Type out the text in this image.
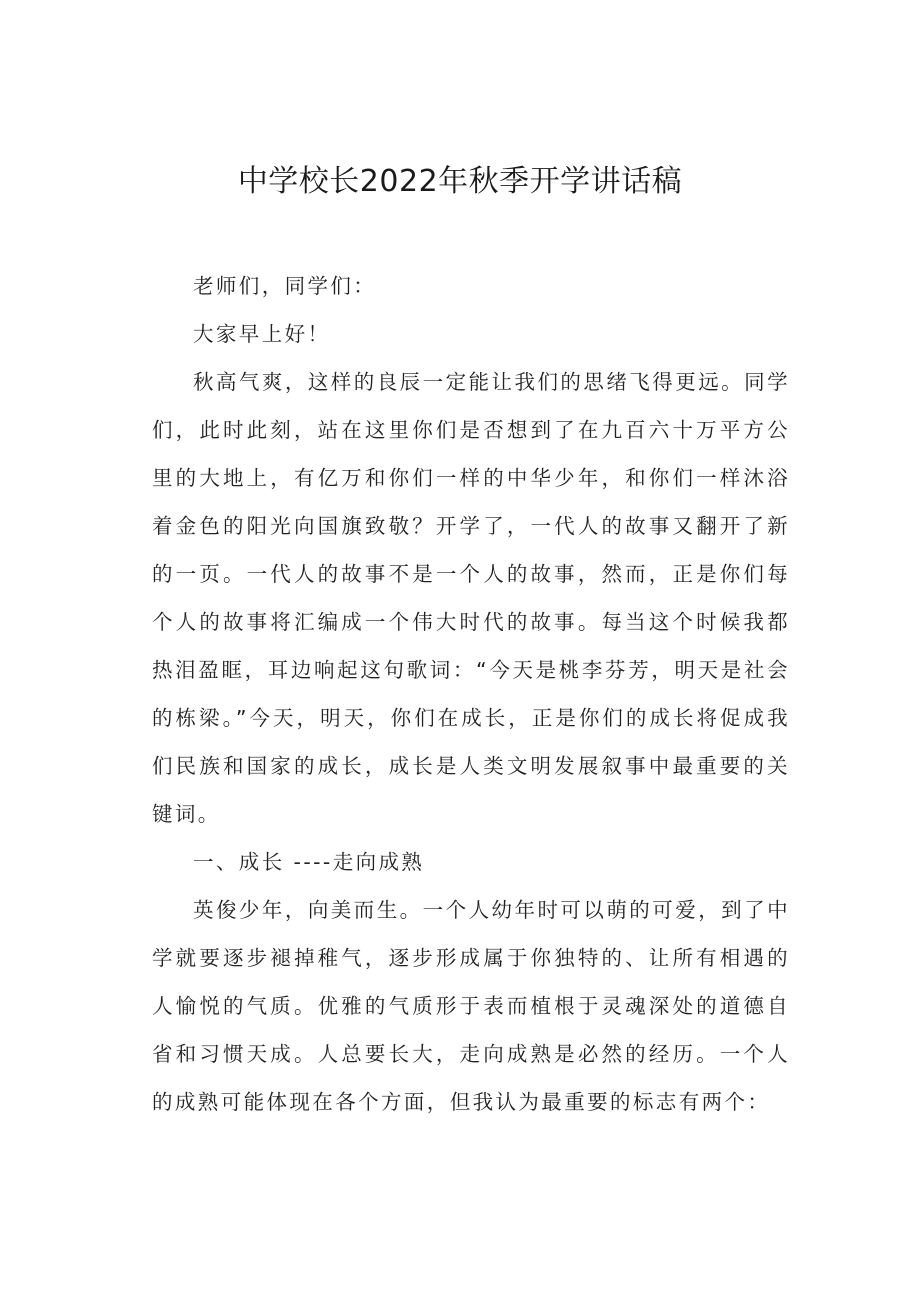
中学校长2022年秋季开学讲话稿

老师们，同学们：

大家早上好！

秋高气爽，这样的良辰一定能让我们的思绪飞得更远。同学们，此时此刻，站在这里你们是否想到了在九百六十万平方公里的大地上，有亿万和你们一样的中华少年，和你们一样沐浴着金色的阳光向国旗致敬？开学了，一代人的故事又翻开了新的一页。一代人的故事不是一个人的故事，然而，正是你们每个人的故事将汇编成一个伟大时代的故事。每当这个时候我都热泪盈眶，耳边响起这句歌词：“今天是桃李芬芳，明天是社会的栋梁。”今天，明天，你们在成长，正是你们的成长将促成我们民族和国家的成长，成长是人类文明发展叙事中最重要的关键词。

一、成长 ----走向成熟

英俊少年，向美而生。一个人幼年时可以萌的可爱，到了中学就要逐步褪掉稚气，逐步形成属于你独特的、让所有相遇的人愉悦的气质。优雅的气质形于表而植根于灵魂深处的道德自省和习惯天成。人总要长大，走向成熟是必然的经历。一个人的成熟可能体现在各个方面，但我认为最重要的标志有两个：
